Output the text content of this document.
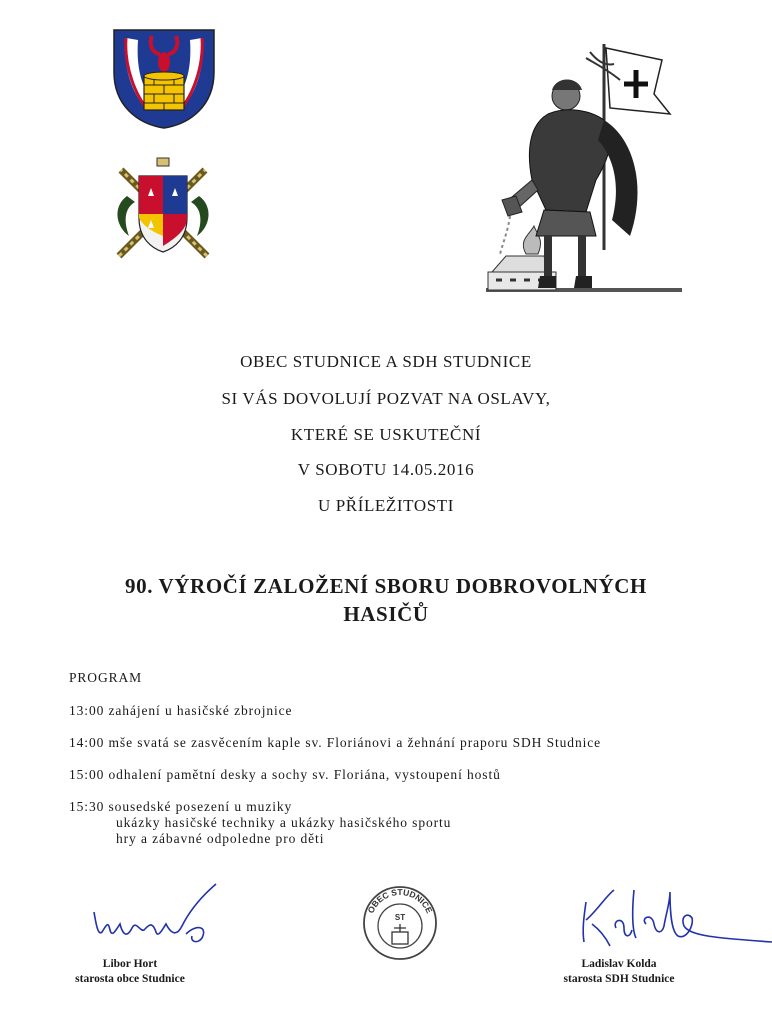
OBEC STUDNICE A SDH STUDNICE
SI VÁS DOVOLUJÍ POZVAT NA OSLAVY,
KTERÉ SE USKUTEČNÍ
V SOBOTU 14.05.2016
U PŘÍLEŽITOSTI
90. VÝROČÍ ZALOŽENÍ SBORU DOBROVOLNÝCH
HASIČŮ
PROGRAM
13:00 zahájení u hasičské zbrojnice
14:00 mše svatá se zasvěcením kaple sv. Floriánovi a žehnání praporu SDH Studnice
15:00 odhalení pamětní desky a sochy sv. Floriána, vystoupení hostů
15:30 sousedské posezení u muziky
ukázky hasičské techniky a ukázky hasičského sportu
hry a zábavné odpoledne pro děti
Libor Hort
starosta obce Studnice
OBEC STUDNICE
ST
Ladislav Kolda
starosta SDH Studnice
